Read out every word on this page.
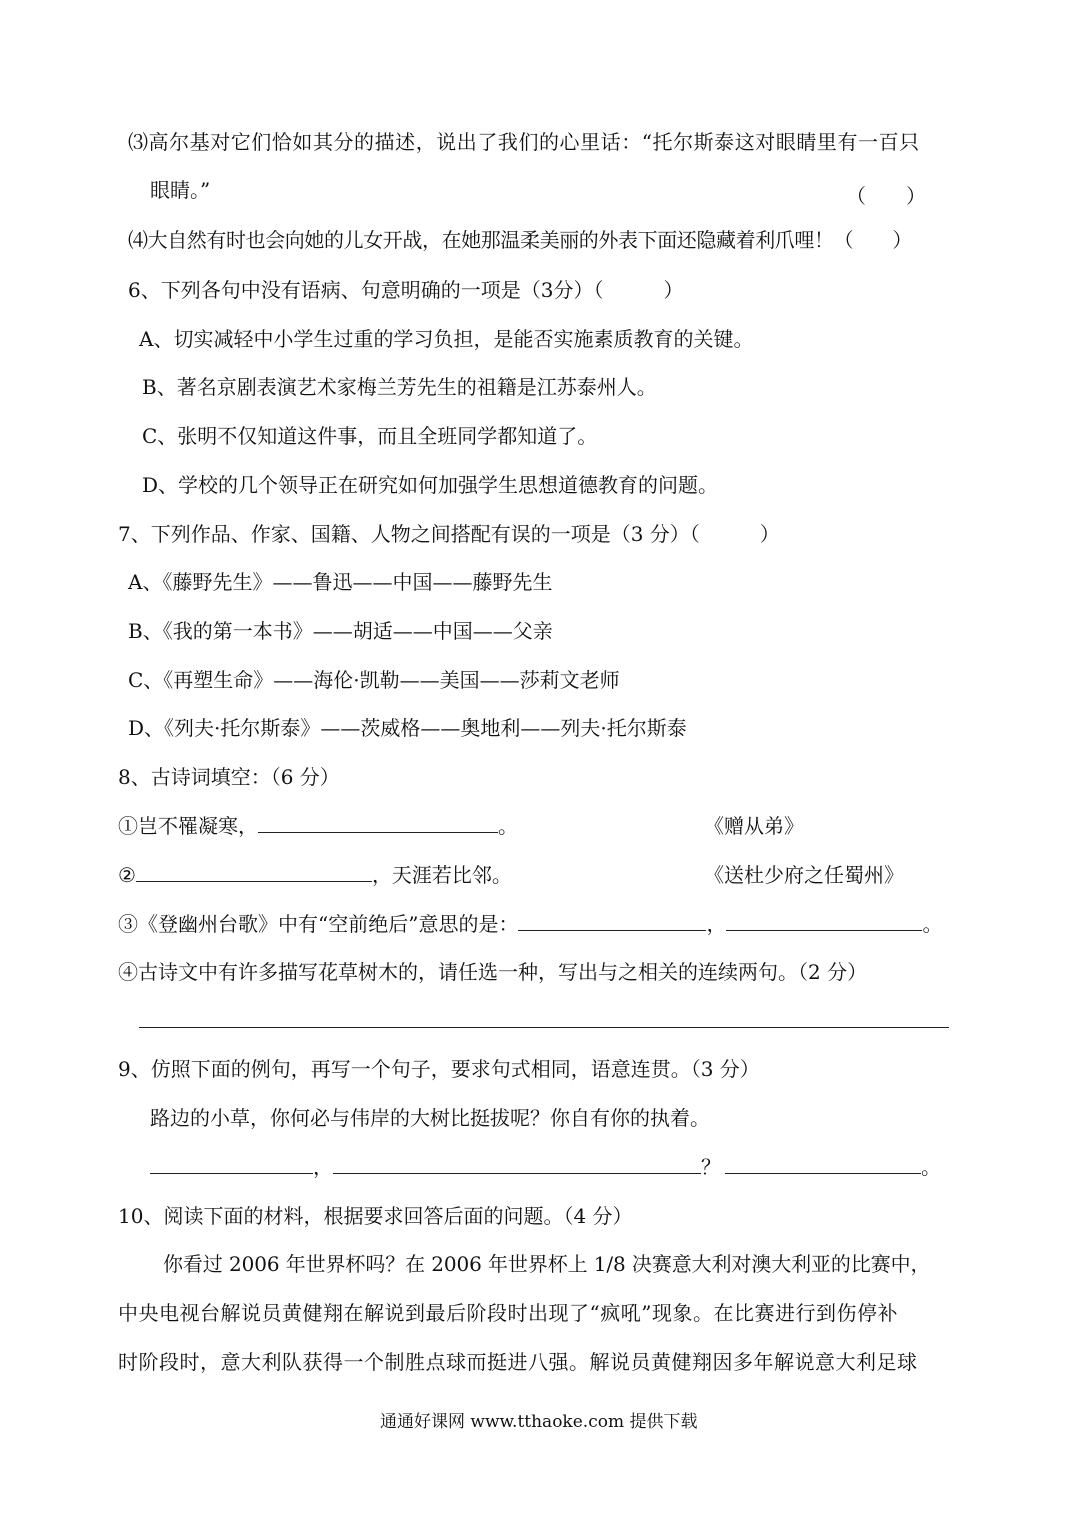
⑶高尔基对它们恰如其分的描述，说出了我们的心里话：“托尔斯泰这对眼睛里有一百只
眼睛。”	（　　）
⑷大自然有时也会向她的儿女开战，在她那温柔美丽的外表下面还隐藏着利爪哩！（　　）
6、下列各句中没有语病、句意明确的一项是（3分）（　　　）
A、切实减轻中小学生过重的学习负担，是能否实施素质教育的关键。
B、著名京剧表演艺术家梅兰芳先生的祖籍是江苏泰州人。
C、张明不仅知道这件事，而且全班同学都知道了。
D、学校的几个领导正在研究如何加强学生思想道德教育的问题。
7、下列作品、作家、国籍、人物之间搭配有误的一项是（3 分）（　　　）
A、《藤野先生》——鲁迅——中国——藤野先生
B、《我的第一本书》——胡适——中国——父亲
C、《再塑生命》——海伦·凯勒——美国——莎莉文老师
D、《列夫·托尔斯泰》——茨威格——奥地利——列夫·托尔斯泰
8、古诗词填空：（6 分）
①岂不罹凝寒，	。	《赠从弟》
②	，天涯若比邻。	《送杜少府之任蜀州》
③《登幽州台歌》中有“空前绝后”意思的是：	，	。
④古诗文中有许多描写花草树木的，请任选一种，写出与之相关的连续两句。（2 分）
9、仿照下面的例句，再写一个句子，要求句式相同，语意连贯。（3 分）
路边的小草，你何必与伟岸的大树比挺拔呢？你自有你的执着。
，	？	。
10、阅读下面的材料，根据要求回答后面的问题。（4 分）
你看过 2006 年世界杯吗？在 2006 年世界杯上 1/8 决赛意大利对澳大利亚的比赛中，
中央电视台解说员黄健翔在解说到最后阶段时出现了“疯吼”现象。在比赛进行到伤停补
时阶段时，意大利队获得一个制胜点球而挺进八强。解说员黄健翔因多年解说意大利足球
通通好课网 www.tthaoke.com 提供下载
